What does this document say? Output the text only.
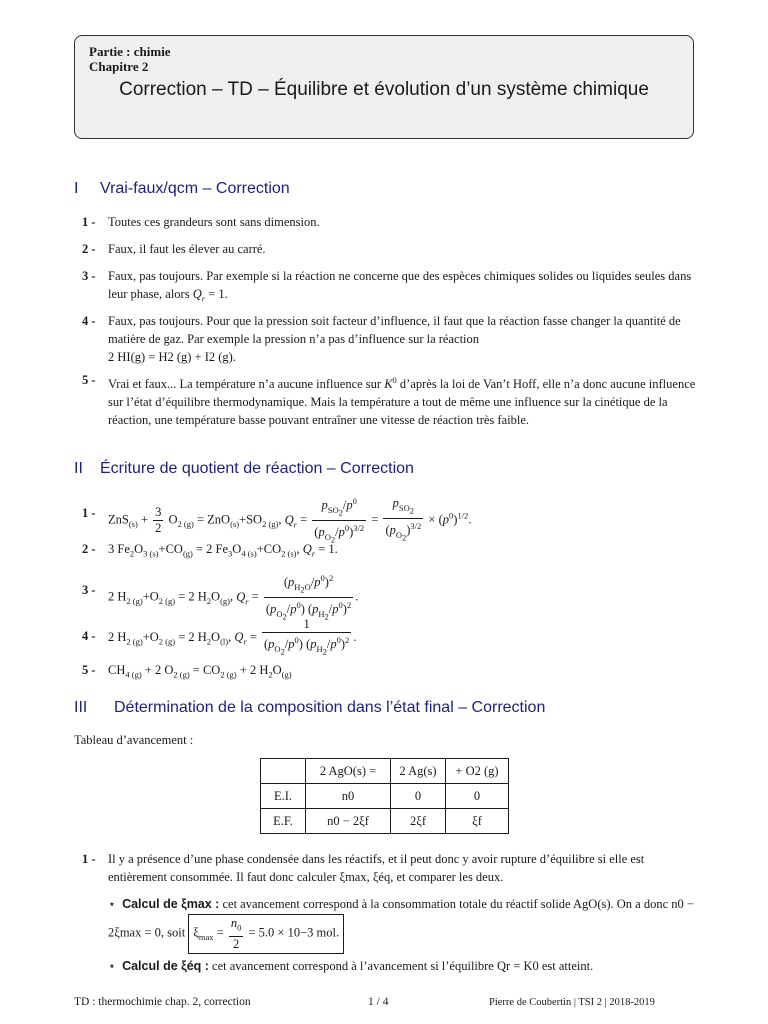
Partie : chimie
Chapitre 2
Correction – TD – Équilibre et évolution d’un système chimique
I Vrai-faux/qcm – Correction
1 - Toutes ces grandeurs sont sans dimension.
2 - Faux, il faut les élever au carré.
3 - Faux, pas toujours. Par exemple si la réaction ne concerne que des espèces chimiques solides ou liquides seules dans leur phase, alors $Q_r = 1$.
4 - Faux, pas toujours. Pour que la pression soit facteur d’influence, il faut que la réaction fasse changer la quantité de matière de gaz. Par exemple la pression n’a pas d’influence sur la réaction
2 HI(g) = H2 (g) + I2 (g).
5 - Vrai et faux... La température n’a aucune influence sur $K^0$ d’après la loi de Van’t Hoff, elle n’a donc aucune influence sur l’état d’équilibre thermodynamique. Mais la température a tout de même une influence sur la cinétique de la réaction, une température basse pouvant entraîner une vitesse de réaction très faible.
II Écriture de quotient de réaction – Correction
$1 - ZnS_{(s)} + \frac{3}{2} O_{2 (g)} = ZnO_{(s)}+SO_{2 (g)}$, $Q_r = \frac{p_{SO_2}/p^0}{(p_{O_2}/p^0)^{3/2}} = \frac{p_{SO_2}}{(p_{O_2})^{3/2}} \times (p^0)^{1/2}$.
2 - 3 $Fe_2O_{3 (s)}+CO_{(g)} = 2$ $Fe_3O_{4 (s)}+CO_{2 (s)}$, $Q_r = 1$.
3 - 2 $H_{2 (g)}+O_{2 (g)} = 2$ $H_2O_{(g)}$, $Q_r = \frac{(p_{H_2O}/p^0)^2}{(p_{O_2}/p^0) (p_{H_2}/p^0)^2}$ .
4 - 2 $H_{2 (g)}+O_{2 (g)} = 2$ $H_2O_{(l)}$, $Q_r = \frac{1}{(p_{O_2}/p^0) (p_{H_2}/p^0)^2}$ .
$5 - CH_{4 (g)} + 2$ $O_{2 (g)} = CO_{2 (g)} + 2$ $H_2O_{(g)}$
III Détermination de la composition dans l’état final – Correction
Tableau d’avancement :
	2 AgO(s) =	2 Ag(s)	+ O2 (g)
E.I.	n0	0	0
E.F.	n0 − 2ξf	2ξf	ξf
1 - Il y a présence d’une phase condensée dans les réactifs, et il peut donc y avoir rupture d’équilibre si elle est entièrement consommée. Il faut donc calculer ξmax, ξéq, et comparer les deux.
⋆ Calcul de ξmax : cet avancement correspond à la consommation totale du réactif solide AgO(s). On a donc n0 − 2ξmax = 0, soit $\xi_{max} = \frac{n_0}{2} = 5.0 \times 10-3$ mol.
⋆ Calcul de ξéq : cet avancement correspond à l’avancement si l’équilibre Qr = K0 est atteint.
TD : thermochimie chap. 2, correction	1 / 4	Pierre de Coubertin | TSI 2 | 2018-2019
